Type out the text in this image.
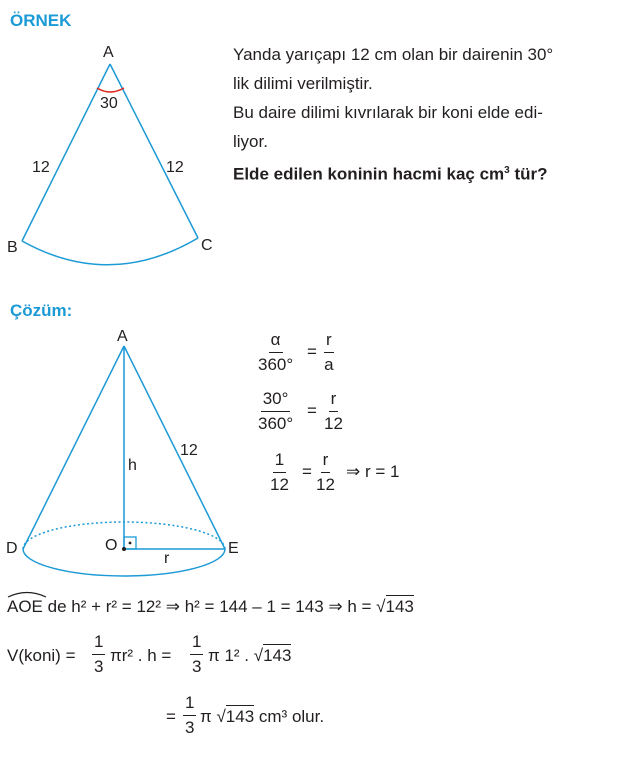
ÖRNEK
A
30
12	12
B	C
Yanda yarıçapı 12 cm olan bir dairenin 30°
lik dilimi verilmiştir.
Bu daire dilimi kıvrılarak bir koni elde edi-
liyor.
Elde edilen koninin hacmi kaç $cm^3$ tür?
Çözüm:
A
h
12
O
r
D	E
$\frac{\alpha}{360^\circ} = \frac{r}{a}$
$\frac{30^\circ}{360^\circ} = \frac{r}{12}$
$\frac{1}{12} = \frac{r}{12}$ ⇒ r = 1
AOE de h² + r² = 12² ⇒ h² = 144 – 1 = 143 ⇒ h = √143
V(koni) = $\frac{1}{3} \pi r^2$ . $h = \frac{1}{3}$ π 1² . √143
= $\frac{1}{3}$ π √143 cm³ olur.
